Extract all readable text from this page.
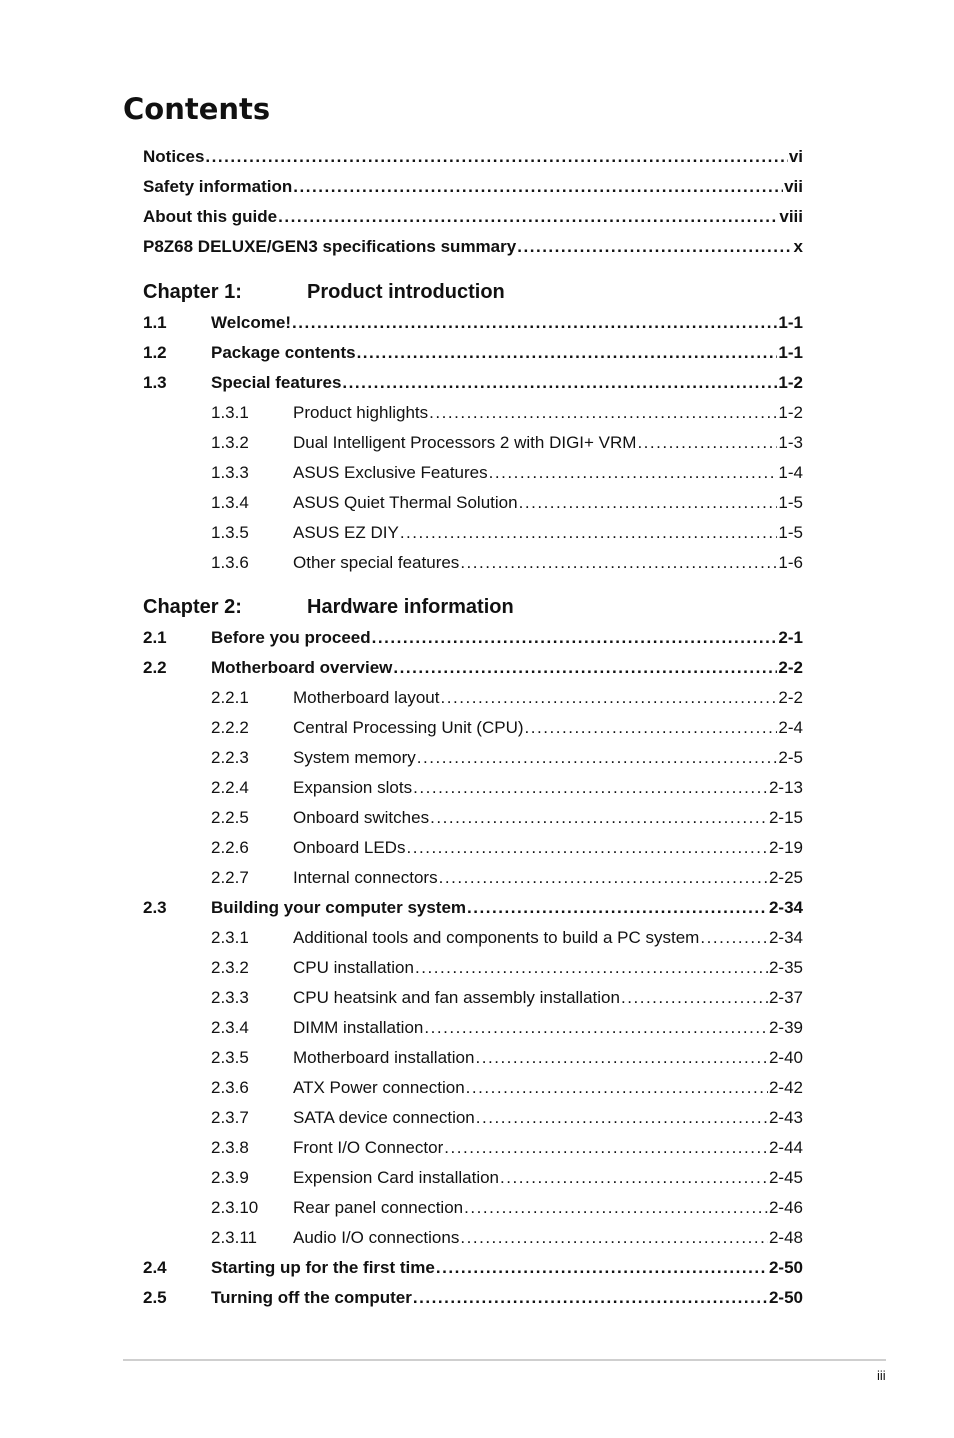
Contents
Notices . . .	vi
Safety information . . .	vii
About this guide . . .	viii
P8Z68 DELUXE/GEN3 specifications summary . . .	x
Chapter 1:	Product introduction
1.1	Welcome! . . .	1-1
1.2	Package contents . . .	1-1
1.3	Special features . . .	1-2
1.3.1	Product highlights . . .	1-2
1.3.2	Dual Intelligent Processors 2 with DIGI+ VRM . . .	1-3
1.3.3	ASUS Exclusive Features . . .	1-4
1.3.4	ASUS Quiet Thermal Solution . . .	1-5
1.3.5	ASUS EZ DIY . . .	1-5
1.3.6	Other special features . . .	1-6
Chapter 2:	Hardware information
2.1	Before you proceed . . .	2-1
2.2	Motherboard overview . . .	2-2
2.2.1	Motherboard layout . . .	2-2
2.2.2	Central Processing Unit (CPU) . . .	2-4
2.2.3	System memory . . .	2-5
2.2.4	Expansion slots . . .	2-13
2.2.5	Onboard switches . . .	2-15
2.2.6	Onboard LEDs . . .	2-19
2.2.7	Internal connectors . . .	2-25
2.3	Building your computer system . . .	2-34
2.3.1	Additional tools and components to build a PC system . . .	2-34
2.3.2	CPU installation . . .	2-35
2.3.3	CPU heatsink and fan assembly installation . . .	2-37
2.3.4	DIMM installation . . .	2-39
2.3.5	Motherboard installation . . .	2-40
2.3.6	ATX Power connection . . .	2-42
2.3.7	SATA device connection . . .	2-43
2.3.8	Front I/O Connector . . .	2-44
2.3.9	Expension Card installation . . .	2-45
2.3.10 Rear panel connection . . .	2-46
2.3.11 Audio I/O connections . . .	2-48
2.4	Starting up for the first time . . .	2-50
2.5	Turning off the computer . . .	2-50
iii
